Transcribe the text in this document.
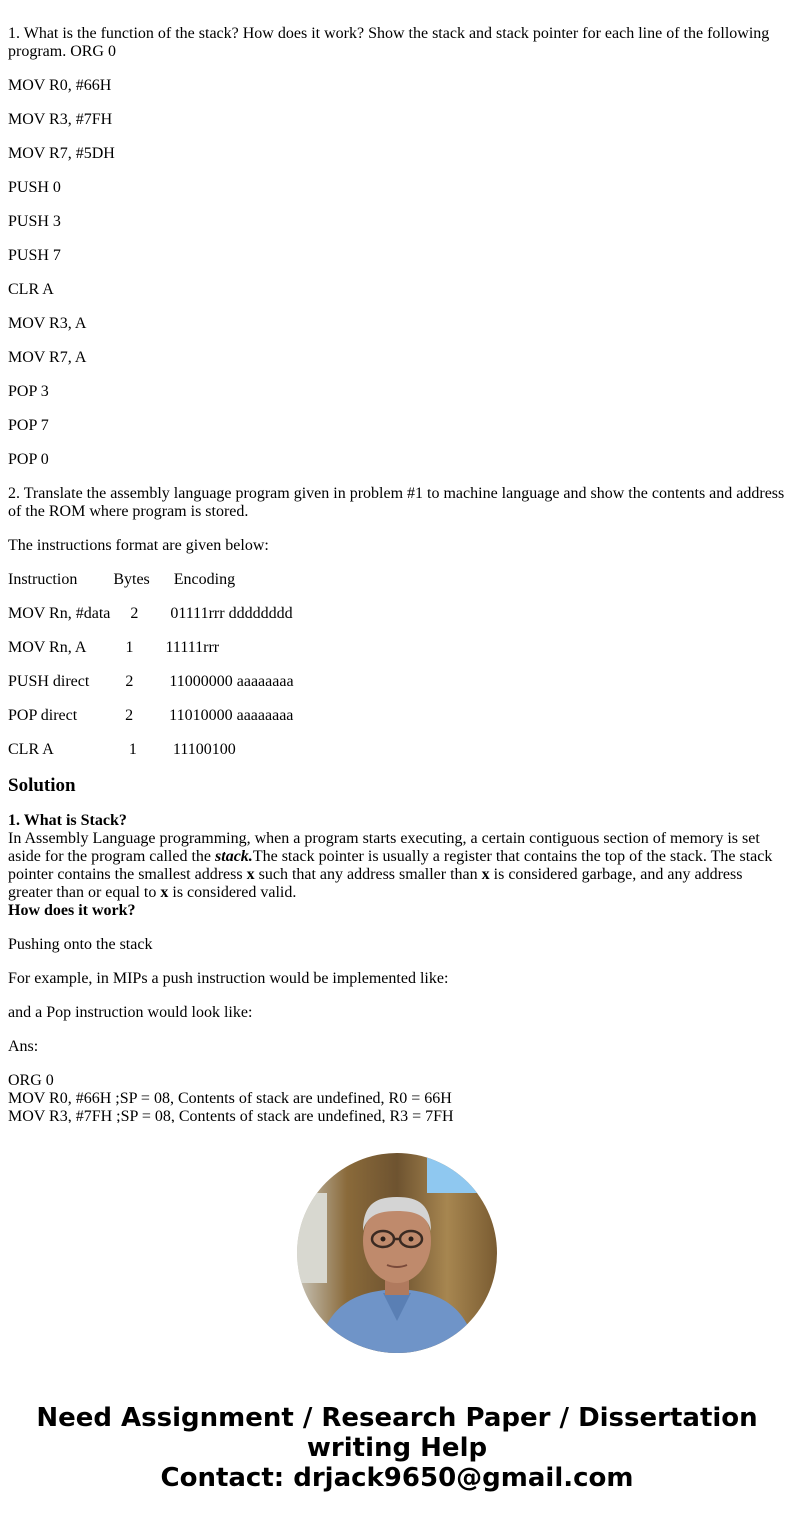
1. What is the function of the stack? How does it work? Show the stack and stack pointer for each line of the following program. ORG 0

MOV R0, #66H

MOV R3, #7FH

MOV R7, #5DH

PUSH 0

PUSH 3

PUSH 7

CLR A

MOV R3, A

MOV R7, A

POP 3

POP 7

POP 0

2. Translate the assembly language program given in problem #1 to machine language and show the contents and address of the ROM where program is stored.

The instructions format are given below:

Instruction         Bytes      Encoding

MOV Rn, #data     2        01111rrr dddddddd

MOV Rn, A          1        11111rrr

PUSH direct         2         11000000 aaaaaaaa

POP direct            2         11010000 aaaaaaaa

CLR A                   1         11100100

Solution
1. What is Stack?
In Assembly Language programming, when a program starts executing, a certain contiguous section of memory is set aside for the program called the stack.The stack pointer is usually a register that contains the top of the stack. The stack pointer contains the smallest address x such that any address smaller than x is considered garbage, and any address greater than or equal to x is considered valid.
How does it work?

Pushing onto the stack

For example, in MIPs a push instruction would be implemented like:

and a Pop instruction would look like:

Ans:

ORG 0
MOV R0, #66H ;SP = 08, Contents of stack are undefined, R0 = 66H
MOV R3, #7FH ;SP = 08, Contents of stack are undefined, R3 = 7FH
Need Assignment / Research Paper / Dissertation
writing Help
Contact: drjack9650@gmail.com
